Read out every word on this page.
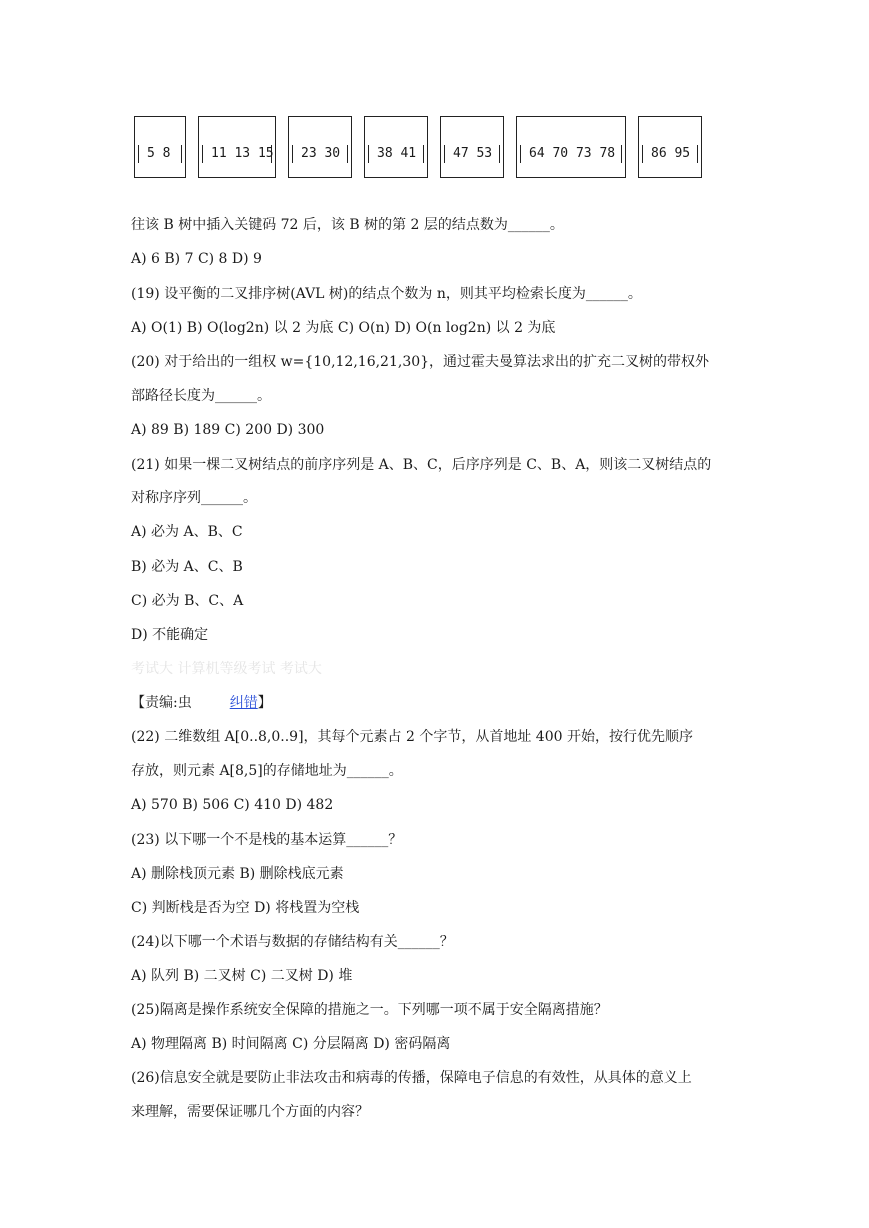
5 8	11 13 15	23 30	38 41	47 53	64 70 73 78	86 95
往该 B 树中插入关键码 72 后，该 B 树的第 2 层的结点数为______。
A) 6 B) 7 C) 8 D) 9
(19) 设平衡的二叉排序树(AVL 树)的结点个数为 n，则其平均检索长度为______。
A) O(1) B) O(log2n) 以 2 为底 C) O(n) D) O(n log2n) 以 2 为底
(20) 对于给出的一组权 w={10,12,16,21,30}，通过霍夫曼算法求出的扩充二叉树的带权外
部路径长度为______。
A) 89 B) 189 C) 200 D) 300
(21) 如果一棵二叉树结点的前序序列是 A、B、C，后序序列是 C、B、A，则该二叉树结点的
对称序序列______。
A) 必为 A、B、C
B) 必为 A、C、B
C) 必为 B、C、A
D) 不能确定
考试大 计算机等级考试 考试大
【责编:虫	纠错】
(22) 二维数组 A[0..8,0..9]，其每个元素占 2 个字节，从首地址 400 开始，按行优先顺序
存放，则元素 A[8,5]的存储地址为______。
A) 570 B) 506 C) 410 D) 482
(23) 以下哪一个不是栈的基本运算______？
A) 删除栈顶元素 B) 删除栈底元素
C) 判断栈是否为空 D) 将栈置为空栈
(24)以下哪一个术语与数据的存储结构有关______？
A) 队列 B) 二叉树 C) 二叉树 D) 堆
(25)隔离是操作系统安全保障的措施之一。下列哪一项不属于安全隔离措施？
A) 物理隔离 B) 时间隔离 C) 分层隔离 D) 密码隔离
(26)信息安全就是要防止非法攻击和病毒的传播，保障电子信息的有效性，从具体的意义上
来理解，需要保证哪几个方面的内容？
